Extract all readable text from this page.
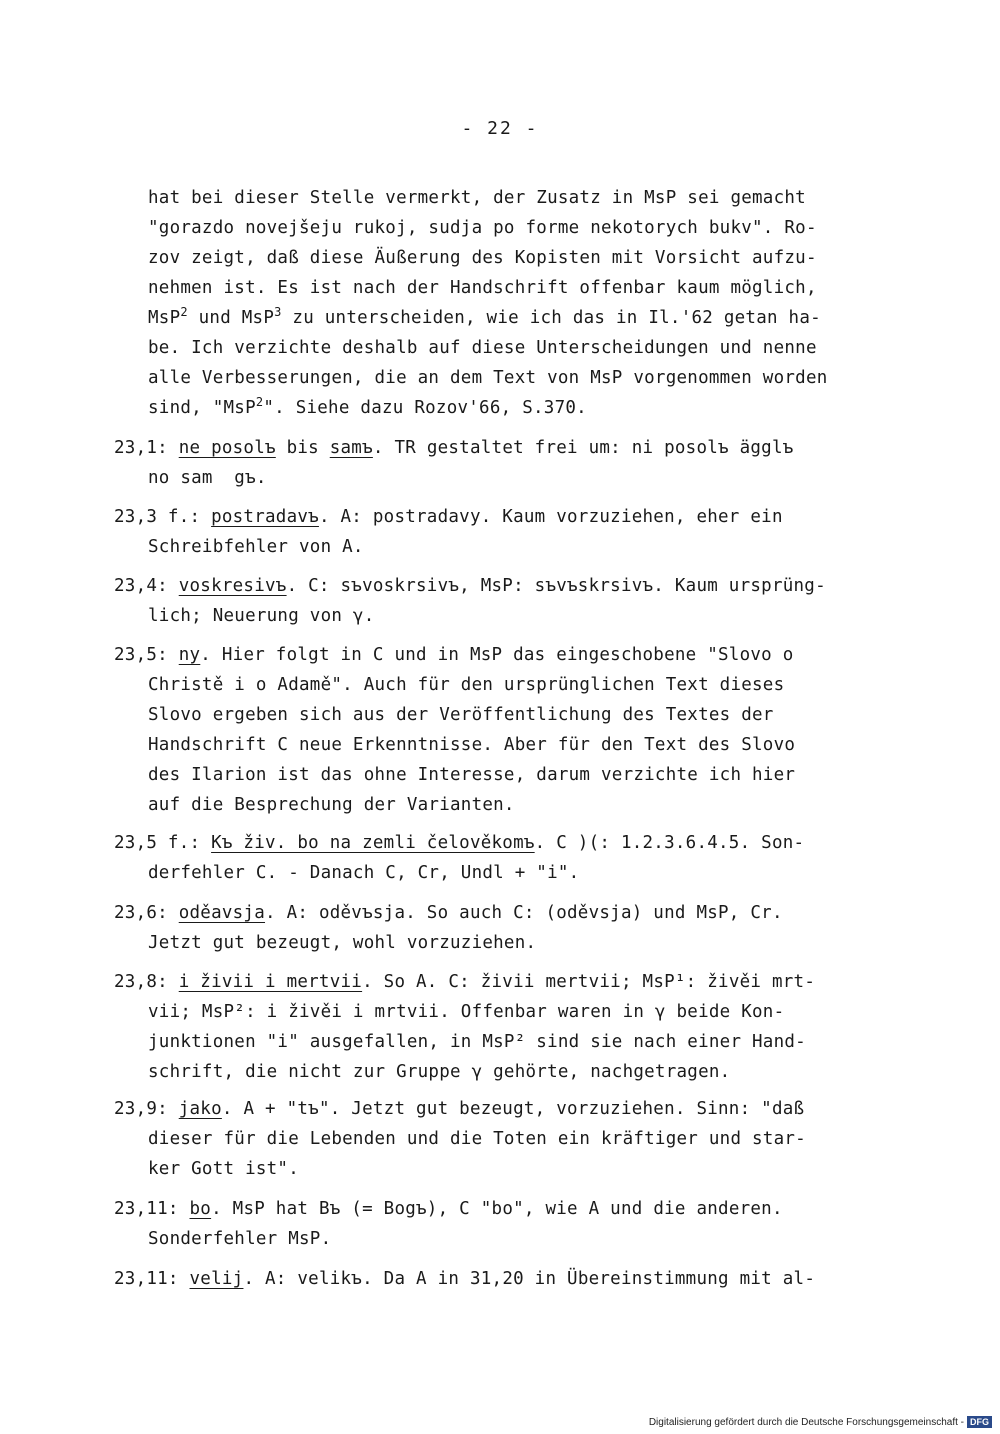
- 22 -
hat bei dieser Stelle vermerkt, der Zusatz in MsP sei gemacht
"gorazdo novejšeju rukoj, sudja po forme nekotorych bukv". Ro-
zov zeigt, daß diese Äußerung des Kopisten mit Vorsicht aufzu-
nehmen ist. Es ist nach der Handschrift offenbar kaum möglich,
MsP$^2$ und MsP$^3$ zu unterscheiden, wie ich das in Il.'62 getan ha-
be. Ich verzichte deshalb auf diese Unterscheidungen und nenne
alle Verbesserungen, die an dem Text von MsP vorgenommen worden
sind, "MsP$^2$". Siehe dazu Rozov'66, S.370.
23,1: ne posolъ bis samъ. TR gestaltet frei um: ni posolъ ägglъ
no sam  gъ.
23,3 f.: postradavъ. A: postradavy. Kaum vorzuziehen, eher ein
Schreibfehler von A.
23,4: voskresivъ. C: sъvoskrsivъ, MsP: sъvъskrsivъ. Kaum ursprüng-
lich; Neuerung von γ.
23,5: ny. Hier folgt in C und in MsP das eingeschobene "Slovo o
Christě i o Adamě". Auch für den ursprünglichen Text dieses
Slovo ergeben sich aus der Veröffentlichung des Textes der
Handschrift C neue Erkenntnisse. Aber für den Text des Slovo
des Ilarion ist das ohne Interesse, darum verzichte ich hier
auf die Besprechung der Varianten.
23,5 f.: Kъ živ. bo na zemli čelověkomъ. C )(: 1.2.3.6.4.5. Son-
derfehler C. - Danach C, Cr, Undl + "i".
23,6: oděavsja. A: oděvъsja. So auch C: (oděvsja) und MsP, Cr.
Jetzt gut bezeugt, wohl vorzuziehen.
23,8: i živii i mertvii. So A. C: živii mertvii; MsP¹: živěi mrt-
vii; MsP²: i živěi i mrtvii. Offenbar waren in γ beide Kon-
junktionen "i" ausgefallen, in MsP² sind sie nach einer Hand-
schrift, die nicht zur Gruppe γ gehörte, nachgetragen.
23,9: jako. A + "tъ". Jetzt gut bezeugt, vorzuziehen. Sinn: "daß
dieser für die Lebenden und die Toten ein kräftiger und star-
ker Gott ist".
23,11: bo. MsP hat Bъ (= Bogъ), C "bo", wie A und die anderen.
Sonderfehler MsP.
23,11: velij. A: velikъ. Da A in 31,20 in Übereinstimmung mit al-
Digitalisierung gefördert durch die Deutsche Forschungsgemeinschaft - DFG
